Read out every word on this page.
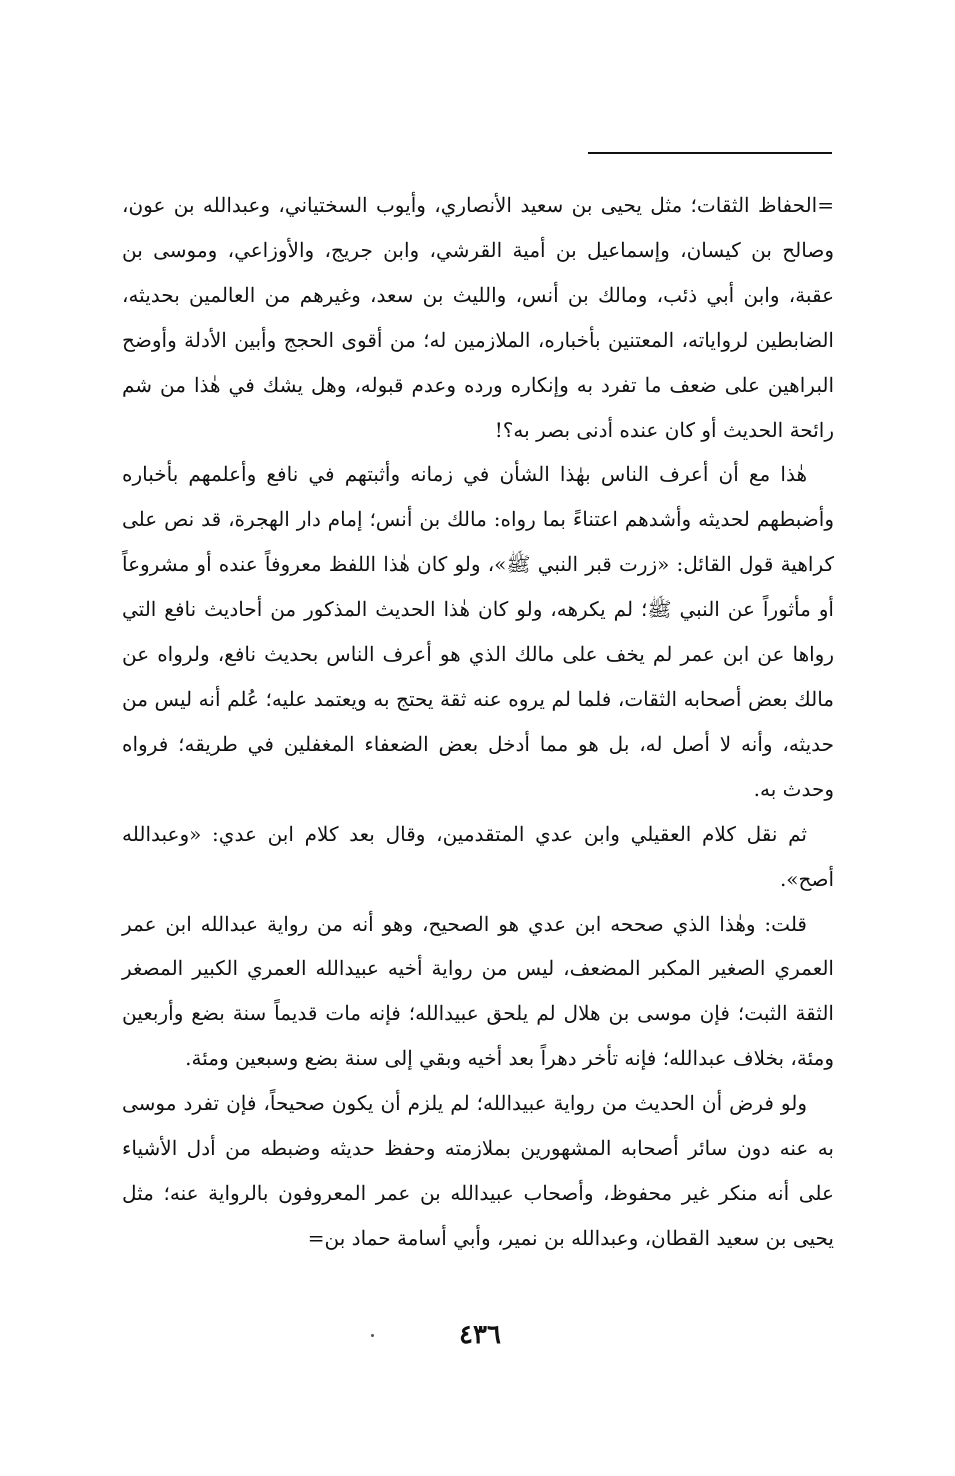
=الحفاظ الثقات؛ مثل يحيى بن سعيد الأنصاري، وأيوب السختياني، وعبدالله بن عون، وصالح بن كيسان، وإسماعيل بن أمية القرشي، وابن جريج، والأوزاعي، وموسى بن عقبة، وابن أبي ذئب، ومالك بن أنس، والليث بن سعد، وغيرهم من العالمين بحديثه، الضابطين لرواياته، المعتنين بأخباره، الملازمين له؛ من أقوى الحجج وأبين الأدلة وأوضح البراهين على ضعف ما تفرد به وإنكاره ورده وعدم قبوله، وهل يشك في هٰذا من شم رائحة الحديث أو كان عنده أدنى بصر به؟!

هٰذا مع أن أعرف الناس بهٰذا الشأن في زمانه وأثبتهم في نافع وأعلمهم بأخباره وأضبطهم لحديثه وأشدهم اعتناءً بما رواه: مالك بن أنس؛ إمام دار الهجرة، قد نص على كراهية قول القائل: «زرت قبر النبي ﷺ»، ولو كان هٰذا اللفظ معروفاً عنده أو مشروعاً أو مأثوراً عن النبي ﷺ؛ لم يكرهه، ولو كان هٰذا الحديث المذكور من أحاديث نافع التي رواها عن ابن عمر لم يخف على مالك الذي هو أعرف الناس بحديث نافع، ولرواه عن مالك بعض أصحابه الثقات، فلما لم يروه عنه ثقة يحتج به ويعتمد عليه؛ عُلم أنه ليس من حديثه، وأنه لا أصل له، بل هو مما أدخل بعض الضعفاء المغفلين في طريقه؛ فرواه وحدث به.

ثم نقل كلام العقيلي وابن عدي المتقدمين، وقال بعد كلام ابن عدي: «وعبدالله أصح».

قلت: وهٰذا الذي صححه ابن عدي هو الصحيح، وهو أنه من رواية عبدالله ابن عمر العمري الصغير المكبر المضعف، ليس من رواية أخيه عبيدالله العمري الكبير المصغر الثقة الثبت؛ فإن موسى بن هلال لم يلحق عبيدالله؛ فإنه مات قديماً سنة بضع وأربعين ومئة، بخلاف عبدالله؛ فإنه تأخر دهراً بعد أخيه وبقي إلى سنة بضع وسبعين ومئة.

ولو فرض أن الحديث من رواية عبيدالله؛ لم يلزم أن يكون صحيحاً، فإن تفرد موسى به عنه دون سائر أصحابه المشهورين بملازمته وحفظ حديثه وضبطه من أدل الأشياء على أنه منكر غير محفوظ، وأصحاب عبيدالله بن عمر المعروفون بالرواية عنه؛ مثل يحيى بن سعيد القطان، وعبدالله بن نمير، وأبي أسامة حماد بن=

٤٣٦
